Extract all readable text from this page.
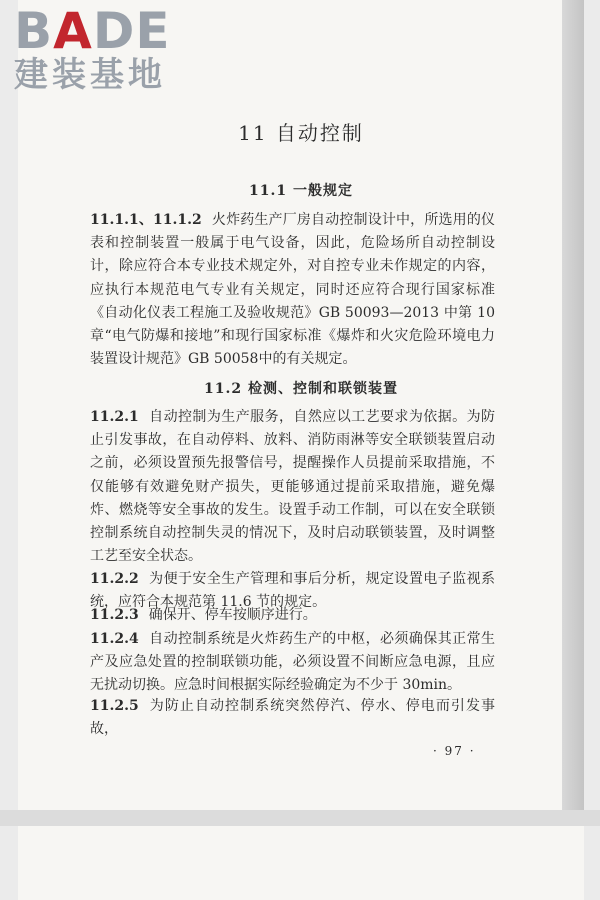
11 自动控制
11.1 一般规定

11.1.1、11.1.2 火炸药生产厂房自动控制设计中，所选用的仪表和控制装置一般属于电气设备，因此，危险场所自动控制设计，除应符合本专业技术规定外，对自控专业未作规定的内容，应执行本规范电气专业有关规定，同时还应符合现行国家标准《自动化仪表工程施工及验收规范》GB 50093—2013 中第 10 章“电气防爆和接地”和现行国家标准《爆炸和火灾危险环境电力装置设计规范》GB 50058中的有关规定。

11.2 检测、控制和联锁装置

11.2.1 自动控制为生产服务，自然应以工艺要求为依据。为防止引发事故，在自动停料、放料、消防雨淋等安全联锁装置启动之前，必须设置预先报警信号，提醒操作人员提前采取措施，不仅能够有效避免财产损失，更能够通过提前采取措施，避免爆炸、燃烧等安全事故的发生。设置手动工作制，可以在安全联锁控制系统自动控制失灵的情况下，及时启动联锁装置，及时调整工艺至安全状态。

11.2.2 为便于安全生产管理和事后分析，规定设置电子监视系统，应符合本规范第 11.6 节的规定。

11.2.3 确保开、停车按顺序进行。

11.2.4 自动控制系统是火炸药生产的中枢，必须确保其正常生产及应急处置的控制联锁功能，必须设置不间断应急电源，且应无扰动切换。应急时间根据实际经验确定为不少于 30min。

11.2.5 为防止自动控制系统突然停汽、停水、停电而引发事故，

· 97 ·
BADE
建装基地
